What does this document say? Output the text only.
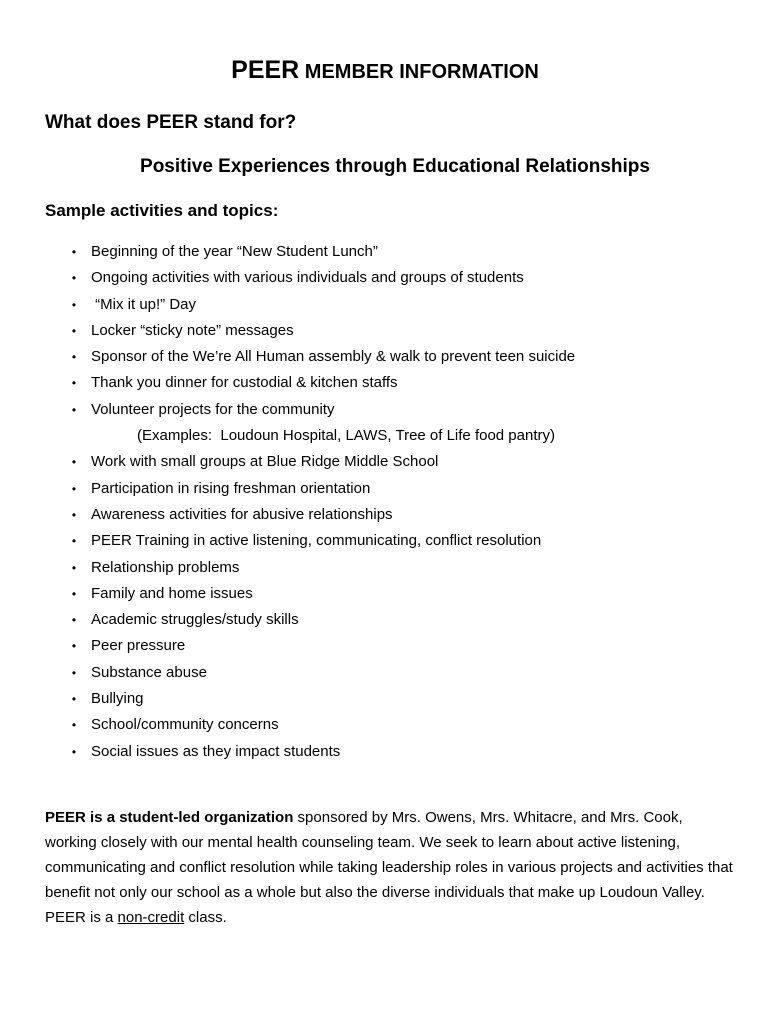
PEER MEMBER INFORMATION
What does PEER stand for?
Positive Experiences through Educational Relationships
Sample activities and topics:
• Beginning of the year “New Student Lunch”
• Ongoing activities with various individuals and groups of students
• “Mix it up!” Day
• Locker “sticky note” messages
• Sponsor of the We’re All Human assembly & walk to prevent teen suicide
• Thank you dinner for custodial & kitchen staffs
• Volunteer projects for the community
(Examples:  Loudoun Hospital, LAWS, Tree of Life food pantry)
• Work with small groups at Blue Ridge Middle School
• Participation in rising freshman orientation
• Awareness activities for abusive relationships
• PEER Training in active listening, communicating, conflict resolution
• Relationship problems
• Family and home issues
• Academic struggles/study skills
• Peer pressure
• Substance abuse
• Bullying
• School/community concerns
• Social issues as they impact students

PEER is a student-led organization sponsored by Mrs. Owens, Mrs. Whitacre, and Mrs. Cook, working closely with our mental health counseling team. We seek to learn about active listening, communicating and conflict resolution while taking leadership roles in various projects and activities that benefit not only our school as a whole but also the diverse individuals that make up Loudoun Valley. PEER is a non-credit class.
